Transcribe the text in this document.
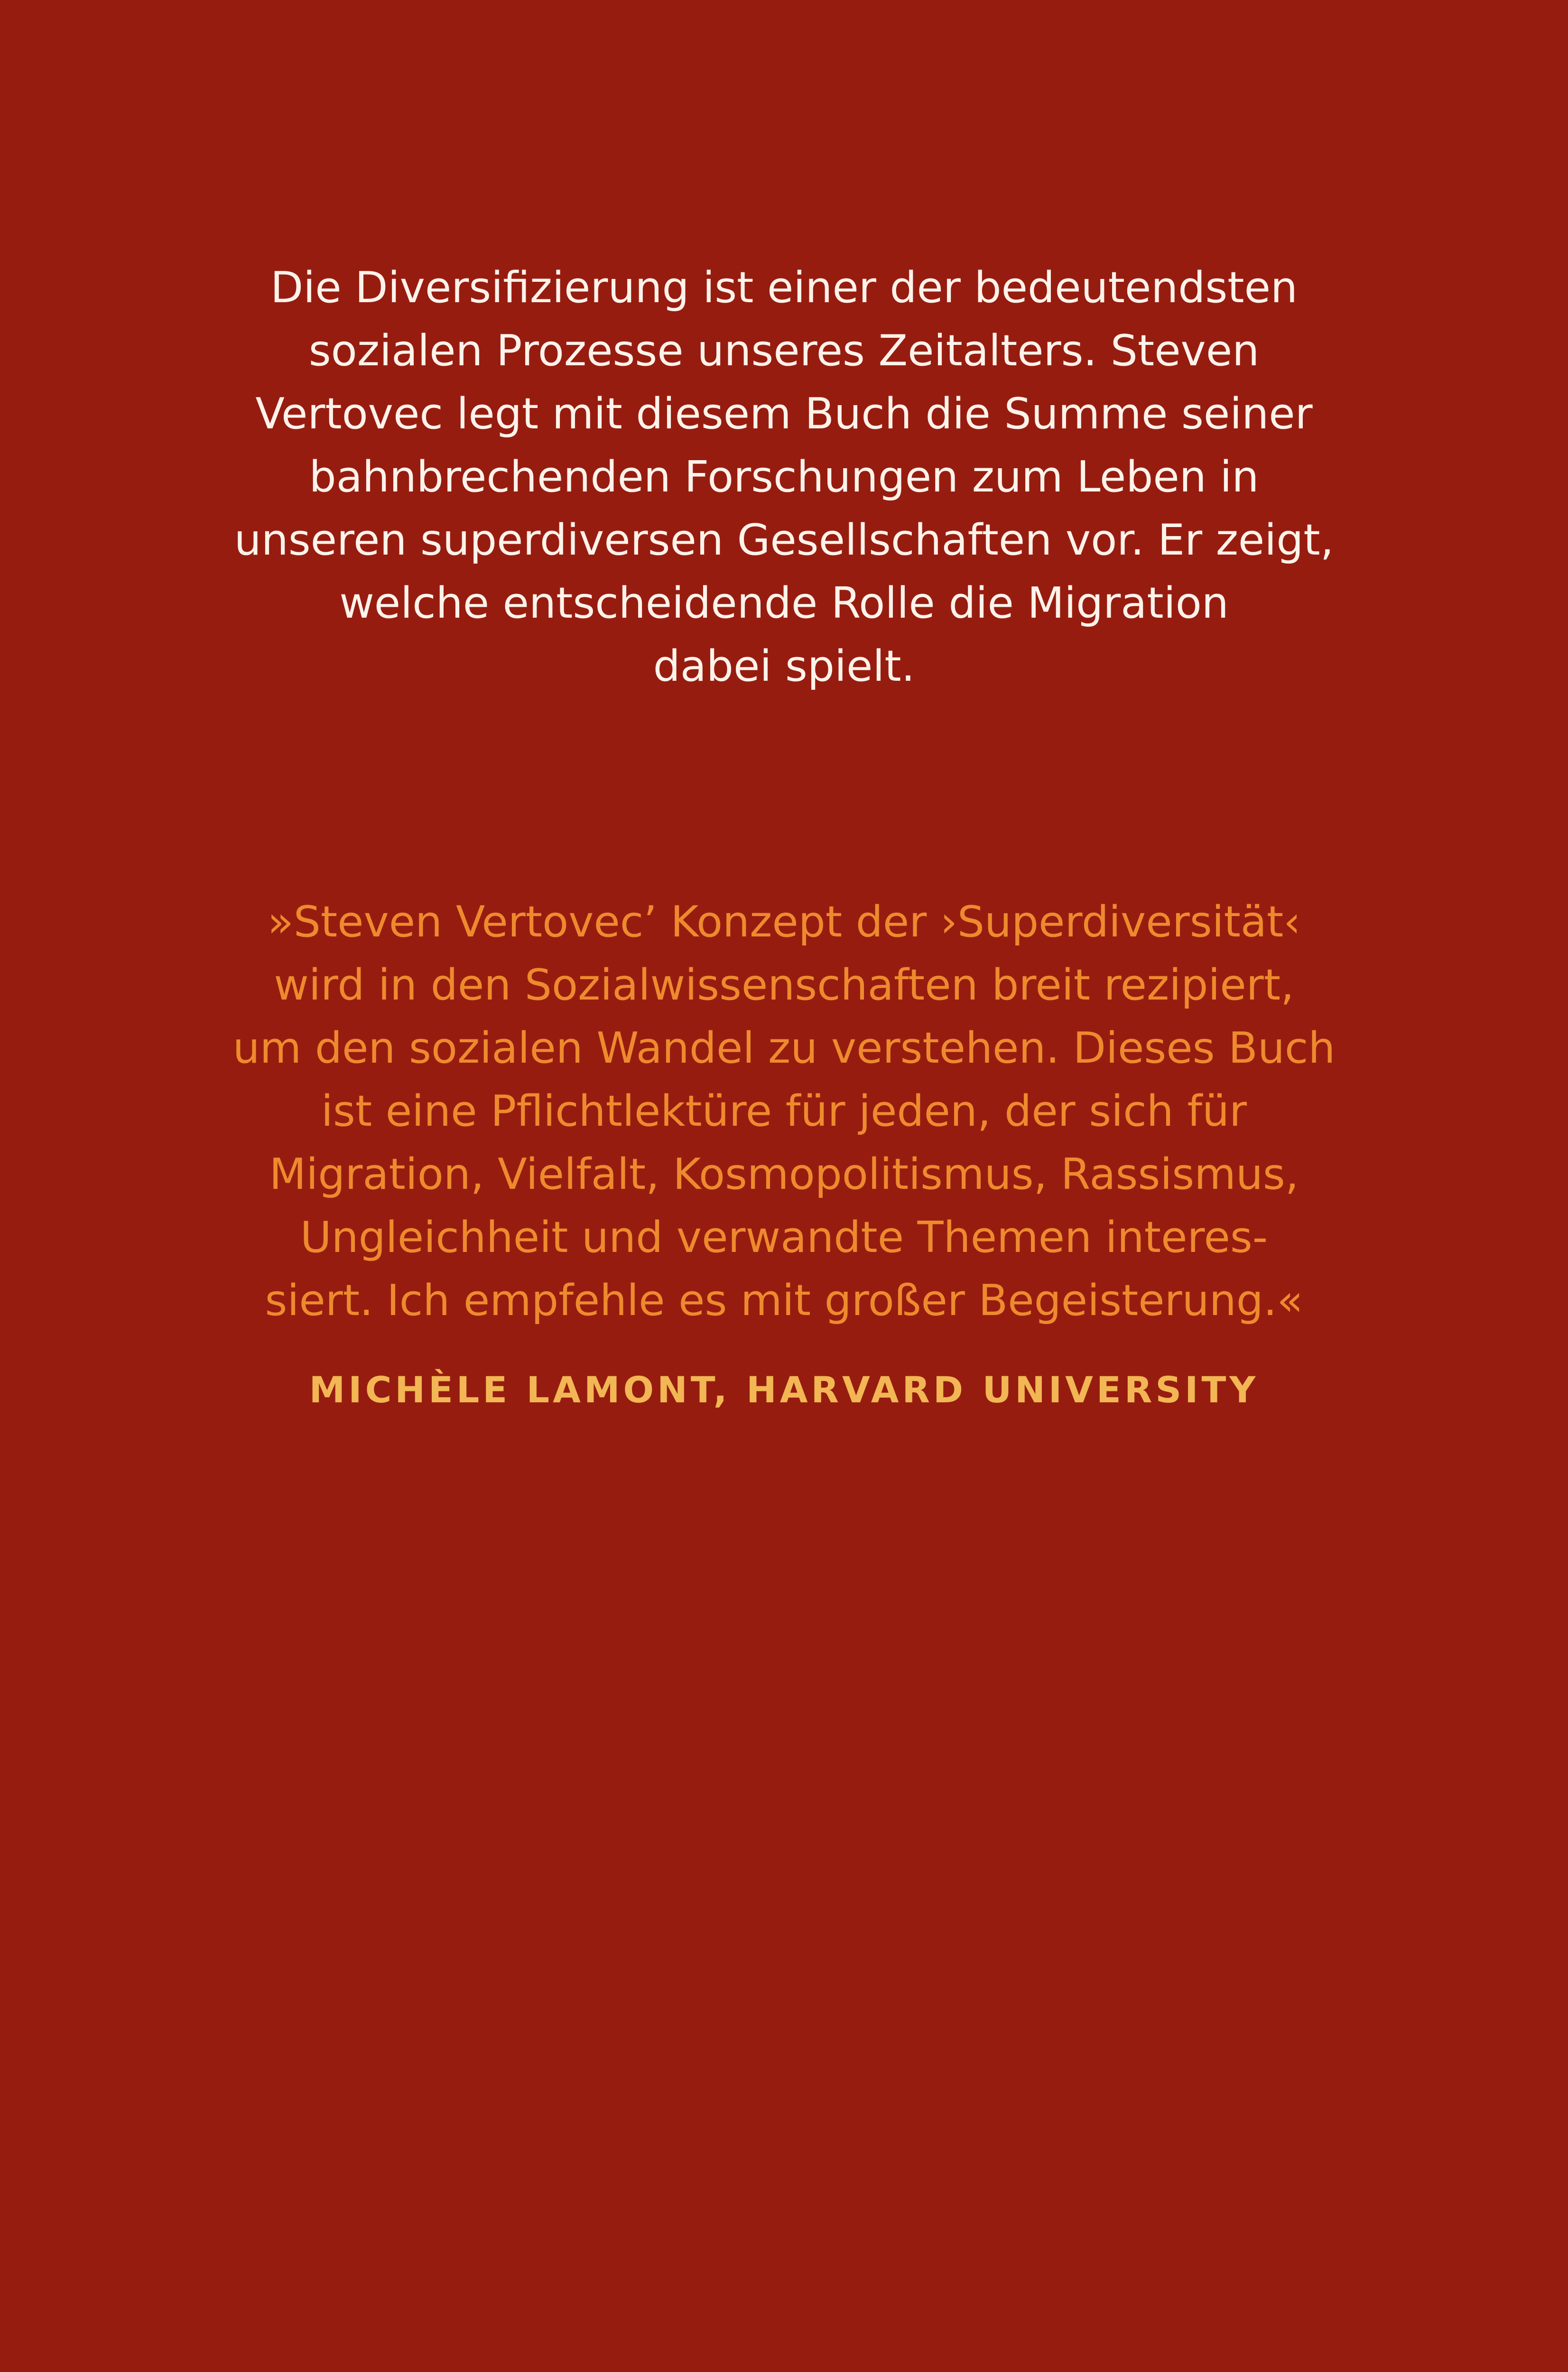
Die Diversifizierung ist einer der bedeutendsten
sozialen Prozesse unseres Zeitalters. Steven
Vertovec legt mit diesem Buch die Summe seiner
bahnbrechenden Forschungen zum Leben in
unseren superdiversen Gesellschaften vor. Er zeigt,
welche entscheidende Rolle die Migration
dabei spielt.
»Steven Vertovec’ Konzept der ›Superdiversität‹
wird in den Sozialwissenschaften breit rezipiert,
um den sozialen Wandel zu verstehen. Dieses Buch
ist eine Pflichtlektüre für jeden, der sich für
Migration, Vielfalt, Kosmopolitismus, Rassismus,
Ungleichheit und verwandte Themen interes-
siert. Ich empfehle es mit großer Begeisterung.«
MICHÈLE LAMONT, HARVARD UNIVERSITY
